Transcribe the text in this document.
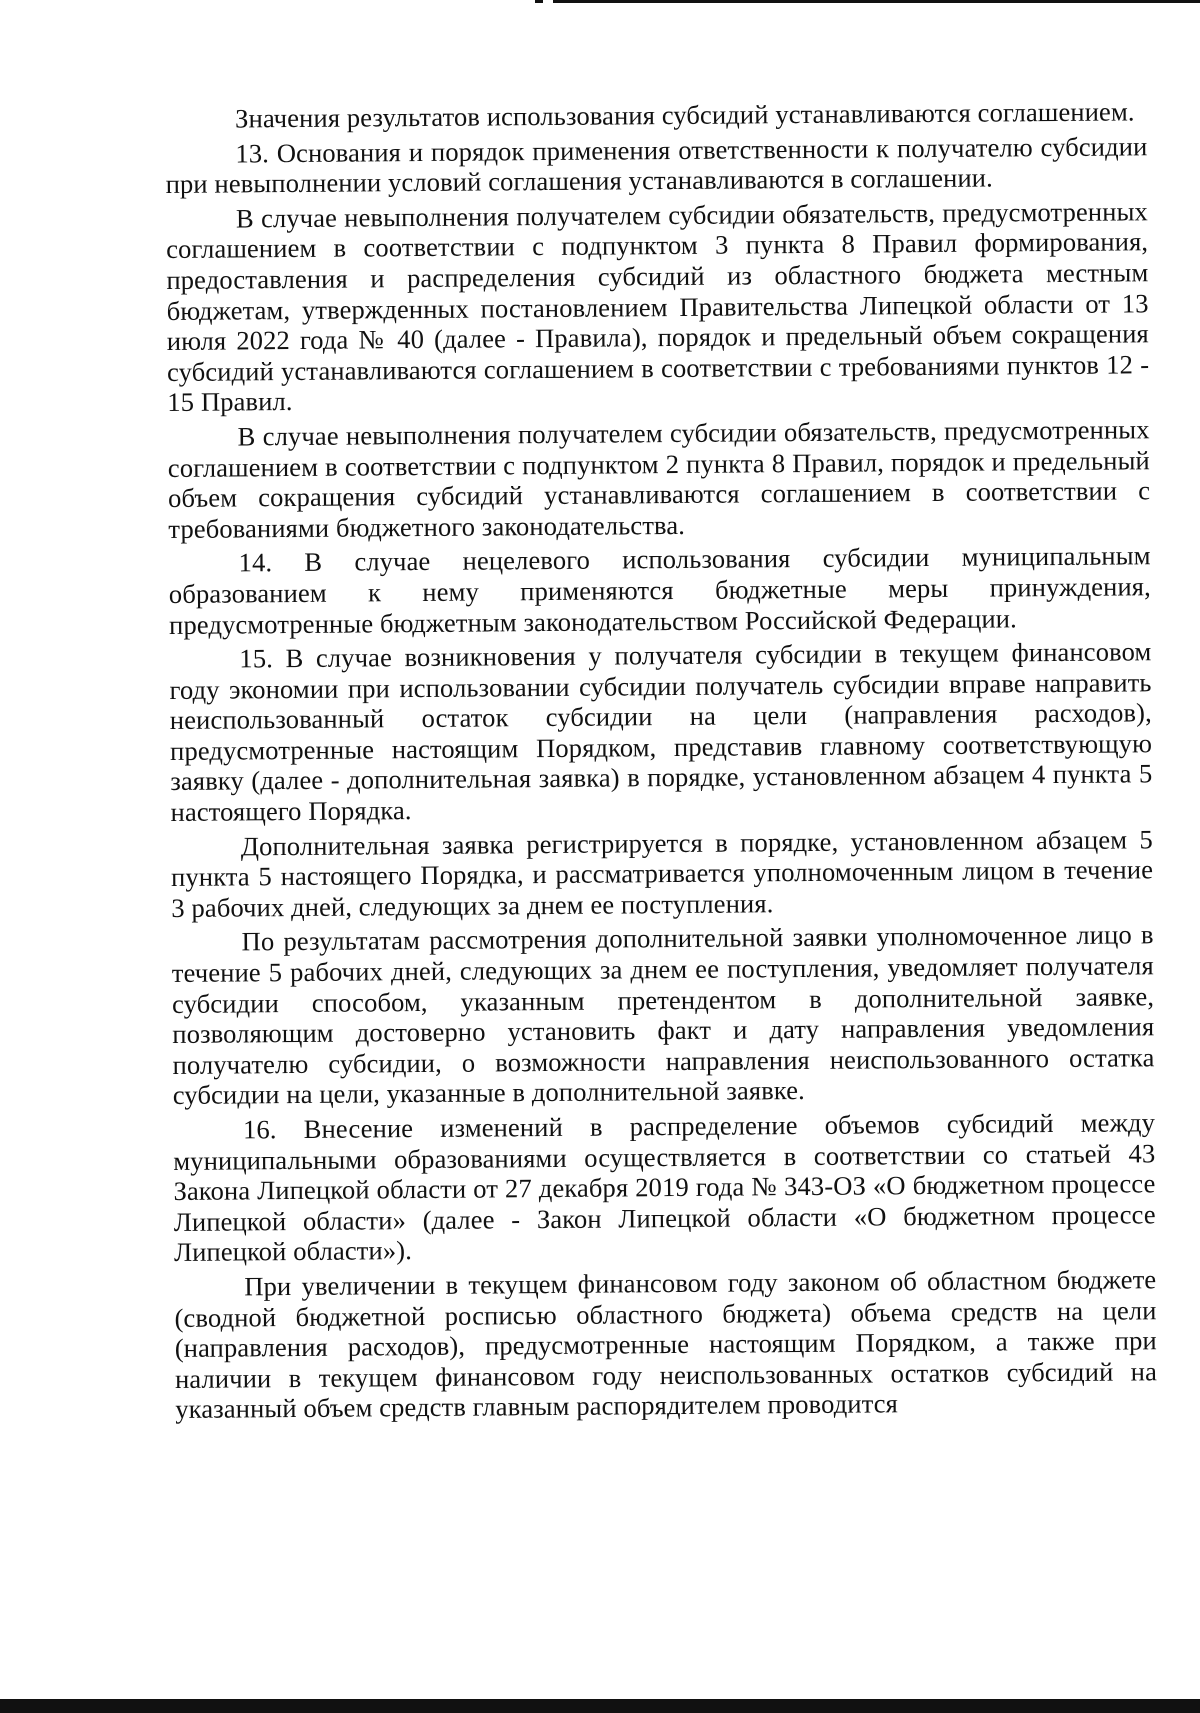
Значения результатов использования субсидий устанавливаются соглашением.

13. Основания и порядок применения ответственности к получателю субсидии при невыполнении условий соглашения устанавливаются в соглашении.

В случае невыполнения получателем субсидии обязательств, предусмотренных соглашением в соответствии с подпунктом 3 пункта 8 Правил формирования, предоставления и распределения субсидий из областного бюджета местным бюджетам, утвержденных постановлением Правительства Липецкой области от 13 июля 2022 года № 40 (далее - Правила), порядок и предельный объем сокращения субсидий устанавливаются соглашением в соответствии с требованиями пунктов 12 - 15 Правил.

В случае невыполнения получателем субсидии обязательств, предусмотренных соглашением в соответствии с подпунктом 2 пункта 8 Правил, порядок и предельный объем сокращения субсидий устанавливаются соглашением в соответствии с требованиями бюджетного законодательства.

14. В случае нецелевого использования субсидии муниципальным образованием к нему применяются бюджетные меры принуждения, предусмотренные бюджетным законодательством Российской Федерации.

15. В случае возникновения у получателя субсидии в текущем финансовом году экономии при использовании субсидии получатель субсидии вправе направить неиспользованный остаток субсидии на цели (направления расходов), предусмотренные настоящим Порядком, представив главному соответствующую заявку (далее - дополнительная заявка) в порядке, установленном абзацем 4 пункта 5 настоящего Порядка.

Дополнительная заявка регистрируется в порядке, установленном абзацем 5 пункта 5 настоящего Порядка, и рассматривается уполномоченным лицом в течение 3 рабочих дней, следующих за днем ее поступления.

По результатам рассмотрения дополнительной заявки уполномоченное лицо в течение 5 рабочих дней, следующих за днем ее поступления, уведомляет получателя субсидии способом, указанным претендентом в дополнительной заявке, позволяющим достоверно установить факт и дату направления уведомления получателю субсидии, о возможности направления неиспользованного остатка субсидии на цели, указанные в дополнительной заявке.

16. Внесение изменений в распределение объемов субсидий между муниципальными образованиями осуществляется в соответствии со статьей 43 Закона Липецкой области от 27 декабря 2019 года № 343-ОЗ «О бюджетном процессе Липецкой области» (далее - Закон Липецкой области «О бюджетном процессе Липецкой области»).

При увеличении в текущем финансовом году законом об областном бюджете (сводной бюджетной росписью областного бюджета) объема средств на цели (направления расходов), предусмотренные настоящим Порядком, а также при наличии в текущем финансовом году неиспользованных остатков субсидий на указанный объем средств главным распорядителем проводится
